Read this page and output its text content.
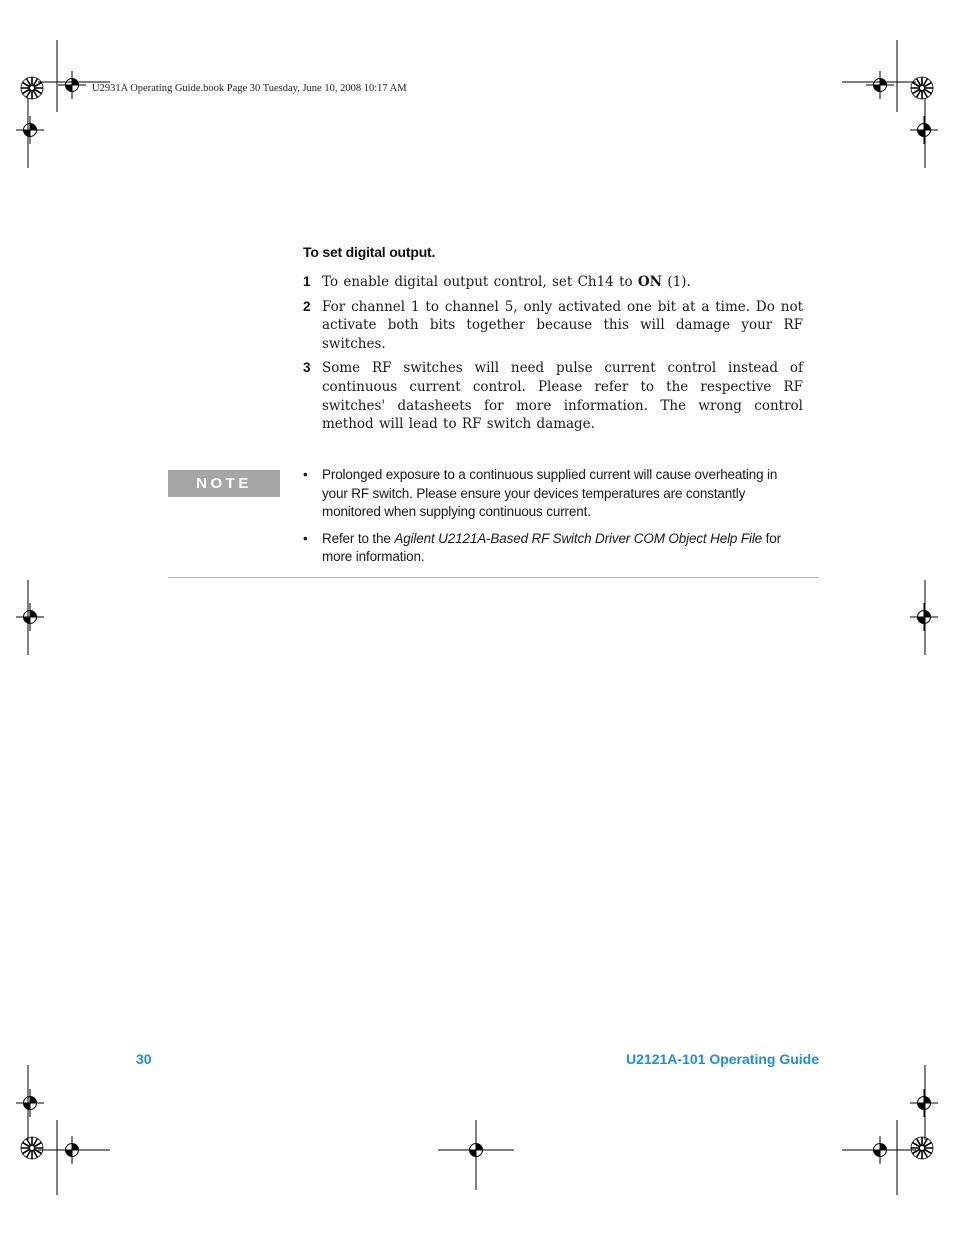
U2931A Operating Guide.book Page 30 Tuesday, June 10, 2008 10:17 AM
To set digital output.
1 To enable digital output control, set Ch14 to ON (1).
2 For channel 1 to channel 5, only activated one bit at a time. Do not activate both bits together because this will damage your RF switches.
3 Some RF switches will need pulse current control instead of continuous current control. Please refer to the respective RF switches' datasheets for more information. The wrong control method will lead to RF switch damage.
NOTE
• Prolonged exposure to a continuous supplied current will cause overheating in your RF switch. Please ensure your devices temperatures are constantly monitored when supplying continuous current.
• Refer to the Agilent U2121A-Based RF Switch Driver COM Object Help File for more information.
30	U2121A-101 Operating Guide
